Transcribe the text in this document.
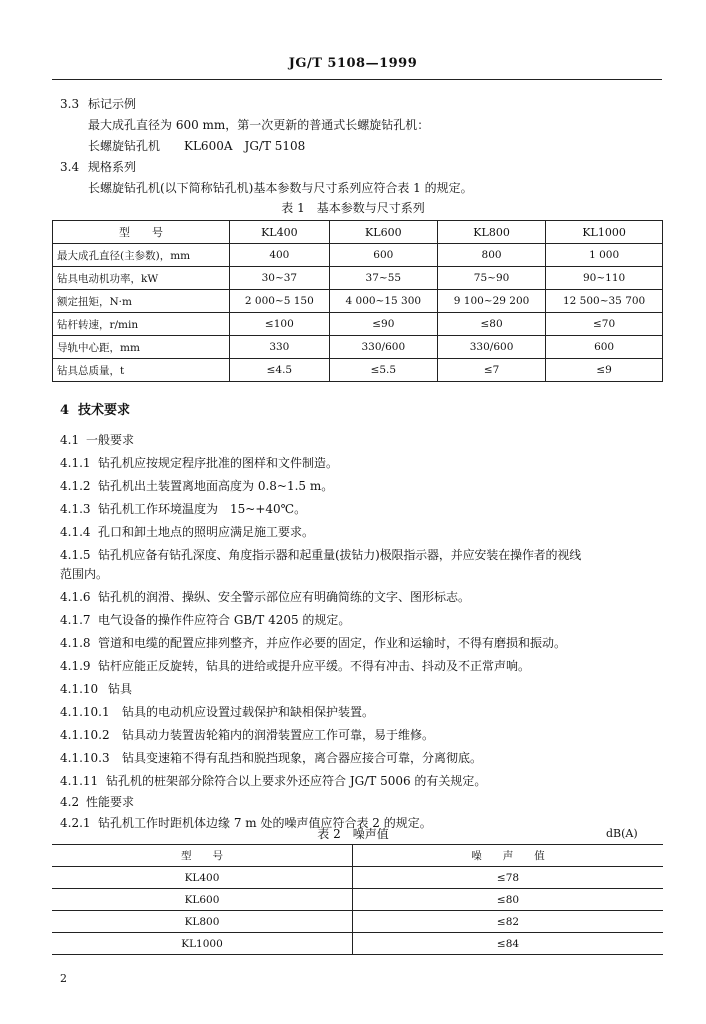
JG/T 5108—1999
3.3 标记示例
最大成孔直径为 600 mm，第一次更新的普通式长螺旋钻孔机：
长螺旋钻孔机　　KL600A　JG/T 5108
3.4 规格系列
长螺旋钻孔机(以下简称钻孔机)基本参数与尺寸系列应符合表 1 的规定。
表 1　基本参数与尺寸系列
型　　号	KL400	KL600	KL800	KL1000
最大成孔直径(主参数)，mm	400	600	800	1 000
钻具电动机功率，kW	30~37	37~55	75~90	90~110
额定扭矩，N·m	2 000~5 150	4 000~15 300	9 100~29 200	12 500~35 700
钻杆转速，r/min	≤100	≤90	≤80	≤70
导轨中心距，mm	330	330/600	330/600	600
钻具总质量，t	≤4.5	≤5.5	≤7	≤9
4 技术要求
4.1 一般要求
4.1.1 钻孔机应按规定程序批准的图样和文件制造。
4.1.2 钻孔机出土装置离地面高度为 0.8~1.5 m。
4.1.3 钻孔机工作环境温度为　15~+40℃。
4.1.4 孔口和卸土地点的照明应满足施工要求。
4.1.5 钻孔机应备有钻孔深度、角度指示器和起重量(拔钻力)极限指示器，并应安装在操作者的视线
范围内。
4.1.6 钻孔机的润滑、操纵、安全警示部位应有明确简练的文字、图形标志。
4.1.7 电气设备的操作件应符合 GB/T 4205 的规定。
4.1.8 管道和电缆的配置应排列整齐，并应作必要的固定，作业和运输时，不得有磨损和振动。
4.1.9 钻杆应能正反旋转，钻具的进给或提升应平缓。不得有冲击、抖动及不正常声响。
4.1.10 钻具
4.1.10.1 钻具的电动机应设置过载保护和缺相保护装置。
4.1.10.2 钻具动力装置齿轮箱内的润滑装置应工作可靠，易于维修。
4.1.10.3 钻具变速箱不得有乱挡和脱挡现象，离合器应接合可靠，分离彻底。
4.1.11 钻孔机的桩架部分除符合以上要求外还应符合 JG/T 5006 的有关规定。
4.2 性能要求
4.2.1 钻孔机工作时距机体边缘 7 m 处的噪声值应符合表 2 的规定。
表 2　噪声值	dB(A)
型　　号	噪　　声　　值
KL400	≤78
KL600	≤80
KL800	≤82
KL1000	≤84
2
